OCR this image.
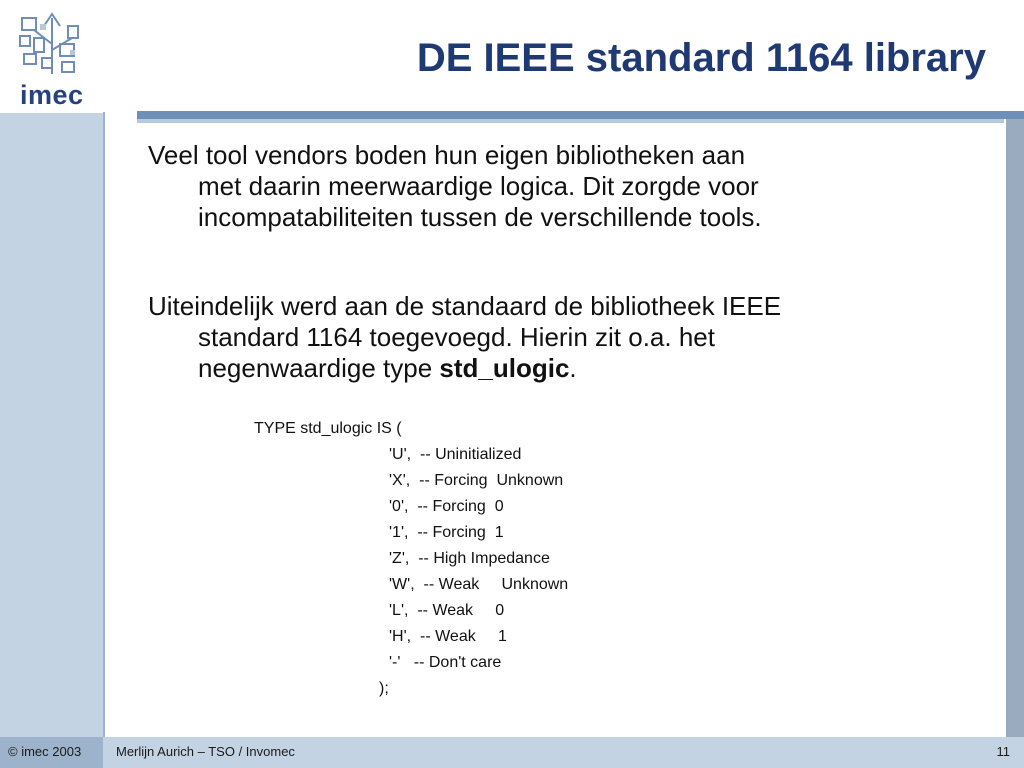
imec
DE IEEE standard 1164 library
Veel tool vendors boden hun eigen bibliotheken aan
met daarin meerwaardige logica. Dit zorgde voor
incompatabiliteiten tussen de verschillende tools.
Uiteindelijk werd aan de standaard de bibliotheek IEEE
standard 1164 toegevoegd. Hierin zit o.a. het
negenwaardige type std_ulogic.
TYPE std_ulogic IS (
'U',  -- Uninitialized
'X',  -- Forcing  Unknown
'0',  -- Forcing  0
'1',  -- Forcing  1
'Z',  -- High Impedance
'W',  -- Weak     Unknown
'L',  -- Weak     0
'H',  -- Weak     1
'-'   -- Don't care
);
© imec 2003	Merlijn Aurich – TSO / Invomec	11
